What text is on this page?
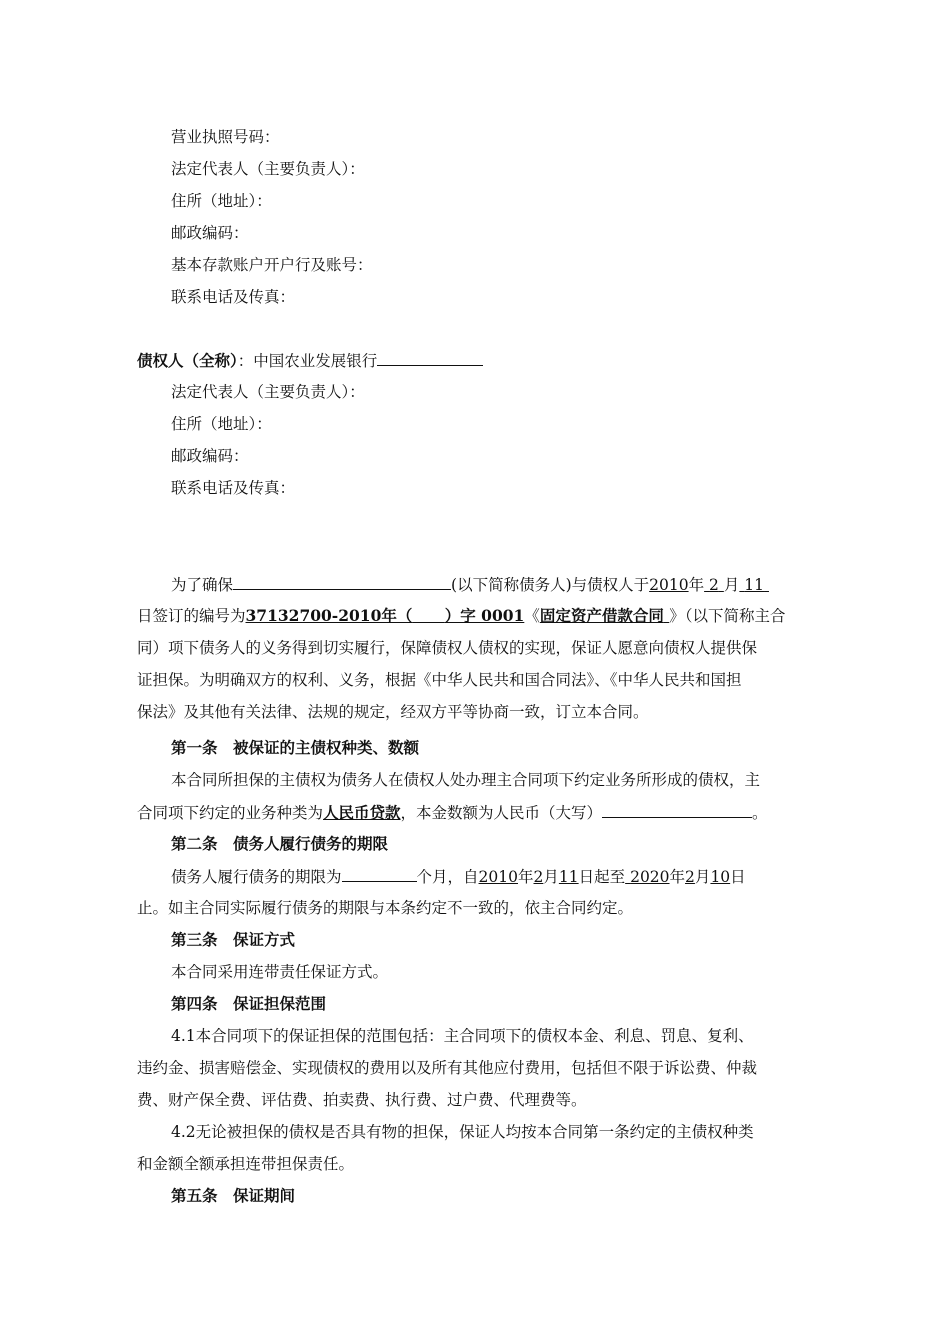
营业执照号码：
法定代表人（主要负责人）：
住所（地址）：
邮政编码：
基本存款账户开户行及账号：
联系电话及传真：
债权人（全称）：中国农业发展银行
法定代表人（主要负责人）：
住所（地址）：
邮政编码：
联系电话及传真：
为了确保	(以下简称债务人)与债权人于2010年 2 月 11
日签订的编号为37132700-2010年（ ）字 0001《固定资产借款合同 》（以下简称主合
同）项下债务人的义务得到切实履行，保障债权人债权的实现，保证人愿意向债权人提供保
证担保。为明确双方的权利、义务，根据《中华人民共和国合同法》、《中华人民共和国担
保法》及其他有关法律、法规的规定，经双方平等协商一致，订立本合同。
第一条　被保证的主债权种类、数额
本合同所担保的主债权为债务人在债权人处办理主合同项下约定业务所形成的债权，主
合同项下约定的业务种类为人民币贷款，本金数额为人民币（大写）	。
第二条　债务人履行债务的期限
债务人履行债务的期限为	个月，自2010年2月11日起至 2020年2月10日
止。如主合同实际履行债务的期限与本条约定不一致的，依主合同约定。
第三条　保证方式
本合同采用连带责任保证方式。
第四条　保证担保范围
4.1本合同项下的保证担保的范围包括：主合同项下的债权本金、利息、罚息、复利、
违约金、损害赔偿金、实现债权的费用以及所有其他应付费用，包括但不限于诉讼费、仲裁
费、财产保全费、评估费、拍卖费、执行费、过户费、代理费等。
4.2无论被担保的债权是否具有物的担保，保证人均按本合同第一条约定的主债权种类
和金额全额承担连带担保责任。
第五条　保证期间
